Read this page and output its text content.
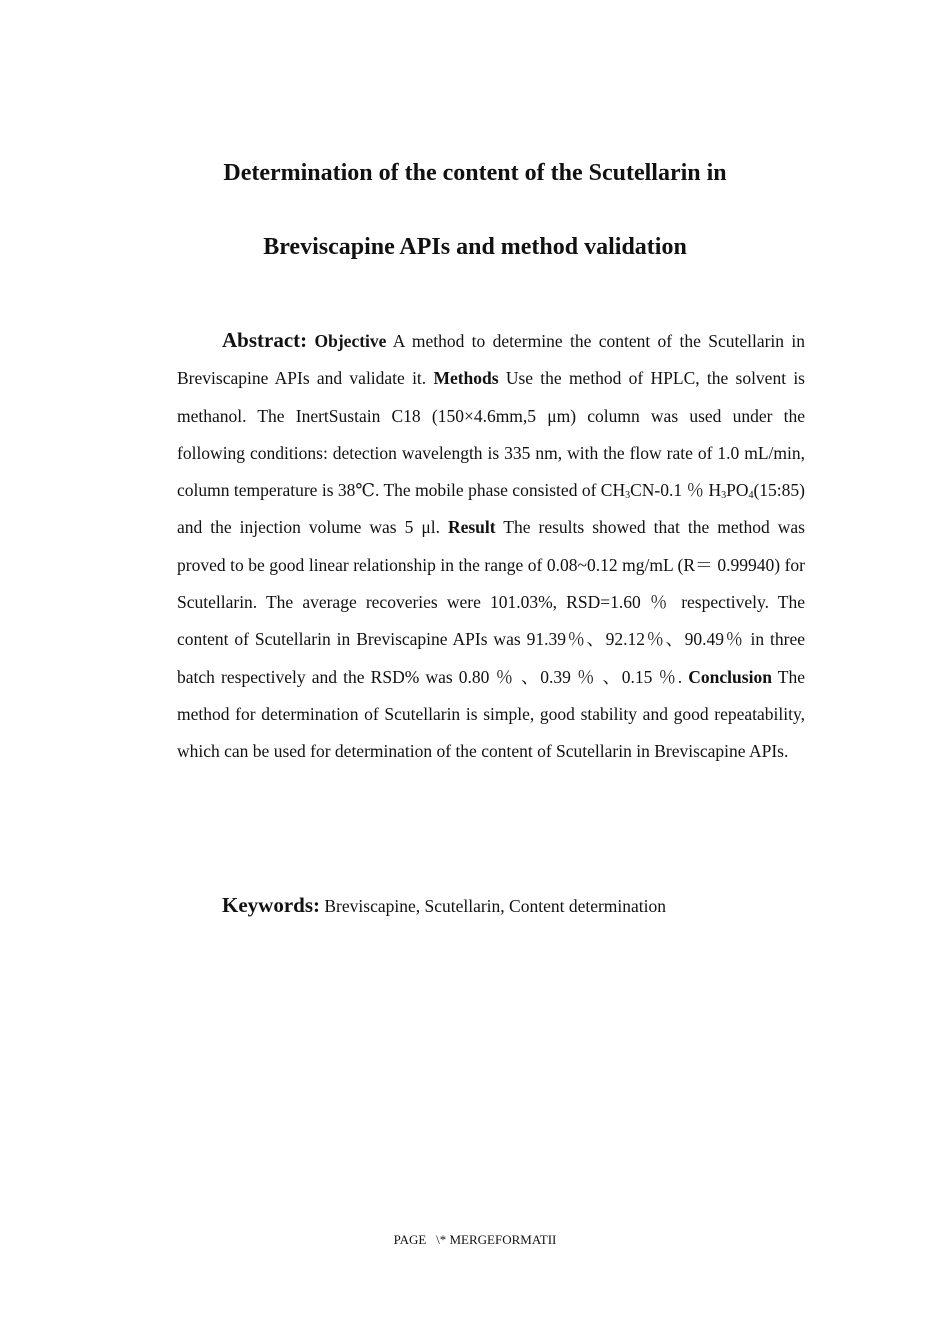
Determination of the content of the Scutellarin in
Breviscapine APIs and method validation
Abstract: Objective A method to determine the content of the Scutellarin in Breviscapine APIs and validate it. Methods Use the method of HPLC, the solvent is methanol. The InertSustain C18 (150×4.6mm,5 μm) column was used under the following conditions: detection wavelength is 335 nm, with the flow rate of 1.0 mL/min, column temperature is 38℃. The mobile phase consisted of $CH_3CN-0.1$ ％ $H_3PO_4(15:85)$ and the injection volume was 5 μl. Result The results showed that the method was proved to be good linear relationship in the range of 0.08~0.12 mg/mL (R＝ 0.99940) for Scutellarin. The average recoveries were 101.03%, RSD=1.60 ％ respectively. The content of Scutellarin in Breviscapine APIs was 91.39％、92.12％、90.49％ in three batch respectively and the RSD% was 0.80 ％ 、0.39 ％ 、0.15 ％. Conclusion The method for determination of Scutellarin is simple, good stability and good repeatability, which can be used for determination of the content of Scutellarin in Breviscapine APIs.
Keywords: Breviscapine, Scutellarin, Content determination
PAGE   \* MERGEFORMATII
